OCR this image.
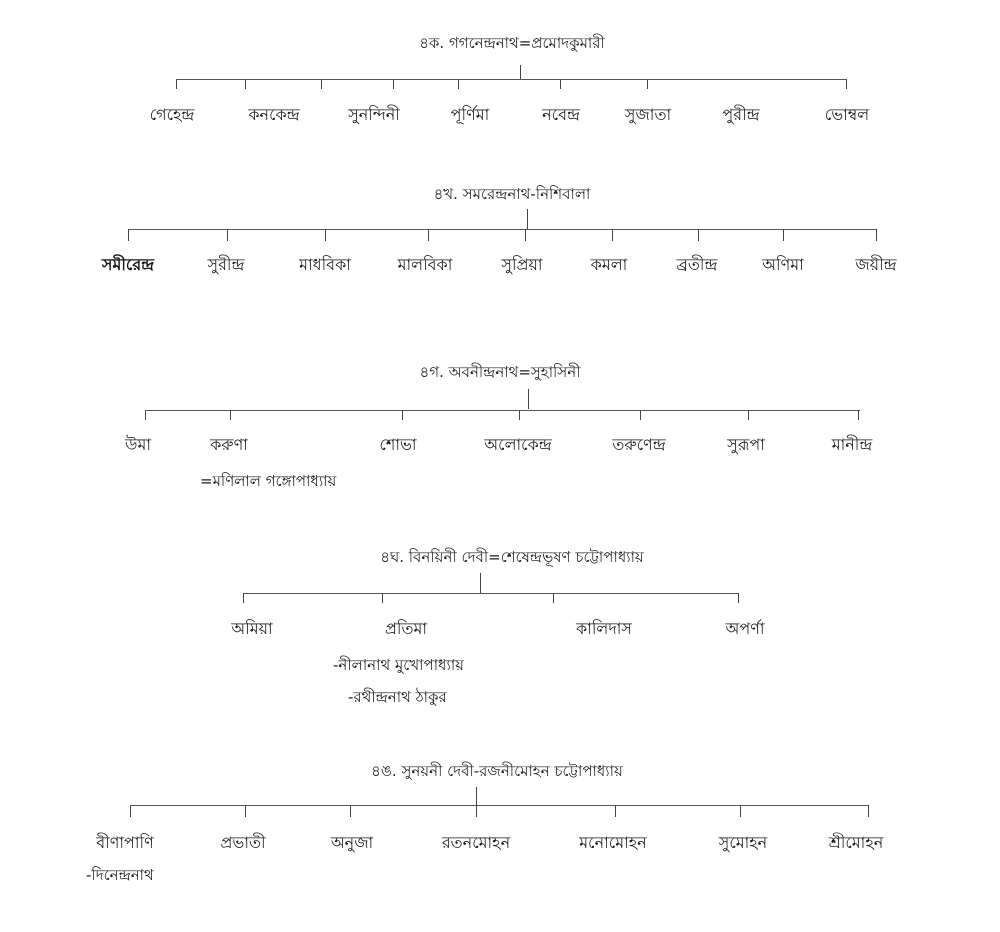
৪ক. গগনেন্দ্রনাথ=প্রমোদকুমারী
গেহেন্দ্র	কনকেন্দ্র	সুনন্দিনী	পূর্ণিমা	নবেন্দ্র	সুজাতা	পুরীন্দ্র	ভোম্বল
৪খ. সমরেন্দ্রনাথ-নিশিবালা
সমীরেন্দ্র	সুরীন্দ্র	মাধবিকা	মালবিকা	সুপ্রিয়া	কমলা	ব্রতীন্দ্র	অণিমা	জয়ীন্দ্র
৪গ. অবনীন্দ্রনাথ=সুহাসিনী
উমা	করুণা	শোভা	অলোকেন্দ্র	তরুণেন্দ্র	সুরূপা	মানীন্দ্র
=মণিলাল গঙ্গোপাধ্যায়
৪ঘ. বিনয়িনী দেবী=শেষেন্দ্রভূষণ চট্টোপাধ্যায়
অমিয়া	প্রতিমা	কালিদাস	অপর্ণা
-নীলানাথ মুখোপাধ্যায়
-রথীন্দ্রনাথ ঠাকুর
৪ঙ. সুনয়নী দেবী-রজনীমোহন চট্টোপাধ্যায়
বীণাপাণি	প্রভাতী	অনুজা	রতনমোহন	মনোমোহন	সুমোহন	শ্রীমোহন
-দিনেন্দ্রনাথ
